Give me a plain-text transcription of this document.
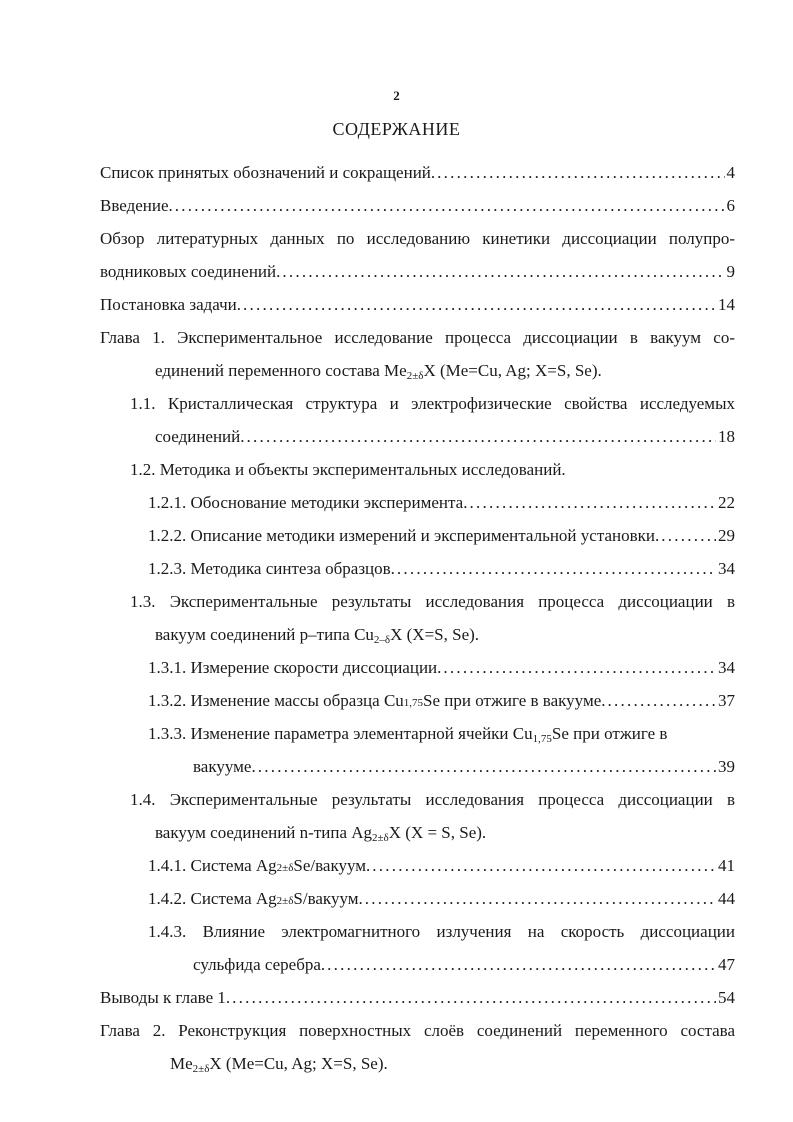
2
СОДЕРЖАНИЕ
Список принятых обозначений и сокращений. . . .	4
Введение. . . .	6
Обзор литературных данных по исследованию кинетики диссоциации полупро-
водниковых соединений. . . .	9
Постановка задачи. . . .	14
Глава 1. Экспериментальное исследование процесса диссоциации в вакуум со-
единений переменного состава $Me_{2\pm\delta}X$ (Me=Cu, Ag; X=S, Se).
1.1. Кристаллическая структура и электрофизические свойства исследуемых
соединений. . . .	18
1.2. Методика и объекты экспериментальных исследований.
1.2.1. Обоснование методики эксперимента. . . .	22
1.2.2. Описание методики измерений и экспериментальной установки. . . .	29
1.2.3. Методика синтеза образцов. . . .	34
1.3. Экспериментальные результаты исследования процесса диссоциации в
вакуум соединений p–типа $Cu_{2-\delta}X$ (X=S, Se).
1.3.1. Измерение скорости диссоциации. . . .	34
1.3.2. Изменение массы образца Cu 1,75 Se при отжиге в вакууме. . . .	37
1.3.3. Изменение параметра элементарной ячейки $Cu_{1,75}Se$ при отжиге в
вакууме. . . .	39
1.4. Экспериментальные результаты исследования процесса диссоциации в
вакуум соединений n-типа $Ag_{2\pm\delta}X$ (X = S, Se).
1.4.1. Система Ag 2±δ Se/вакуум. . . .	41
1.4.2. Система Ag 2±δ S/вакуум. . . .	44
1.4.3. Влияние электромагнитного излучения на скорость диссоциации
сульфида серебра. . . .	47
Выводы к главе 1. . . .	54
Глава 2. Реконструкция поверхностных слоёв соединений переменного состава
$Me_{2\pm\delta}X$ (Me=Cu, Ag; X=S, Se).
